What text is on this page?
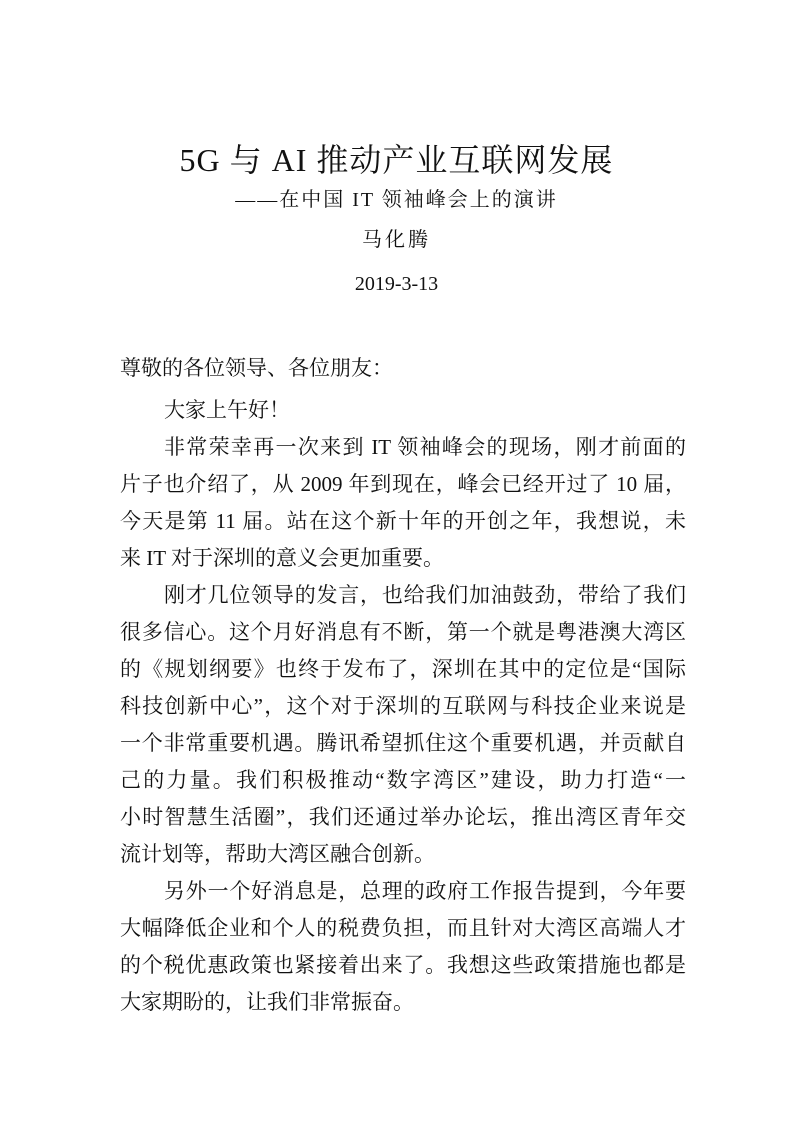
5G 与 AI 推动产业互联网发展
——在中国 IT 领袖峰会上的演讲
马化腾
2019-3-13
尊敬的各位领导、各位朋友：
大家上午好！
非常荣幸再一次来到 IT 领袖峰会的现场，刚才前面的
片子也介绍了，从 2009 年到现在，峰会已经开过了 10 届，
今天是第 11 届。站在这个新十年的开创之年，我想说，未
来 IT 对于深圳的意义会更加重要。
刚才几位领导的发言，也给我们加油鼓劲，带给了我们
很多信心。这个月好消息有不断，第一个就是粤港澳大湾区
的《规划纲要》也终于发布了，深圳在其中的定位是“国际
科技创新中心”，这个对于深圳的互联网与科技企业来说是
一个非常重要机遇。腾讯希望抓住这个重要机遇，并贡献自
己的力量。我们积极推动“数字湾区”建设，助力打造“一
小时智慧生活圈”，我们还通过举办论坛，推出湾区青年交
流计划等，帮助大湾区融合创新。
另外一个好消息是，总理的政府工作报告提到，今年要
大幅降低企业和个人的税费负担，而且针对大湾区高端人才
的个税优惠政策也紧接着出来了。我想这些政策措施也都是
大家期盼的，让我们非常振奋。
